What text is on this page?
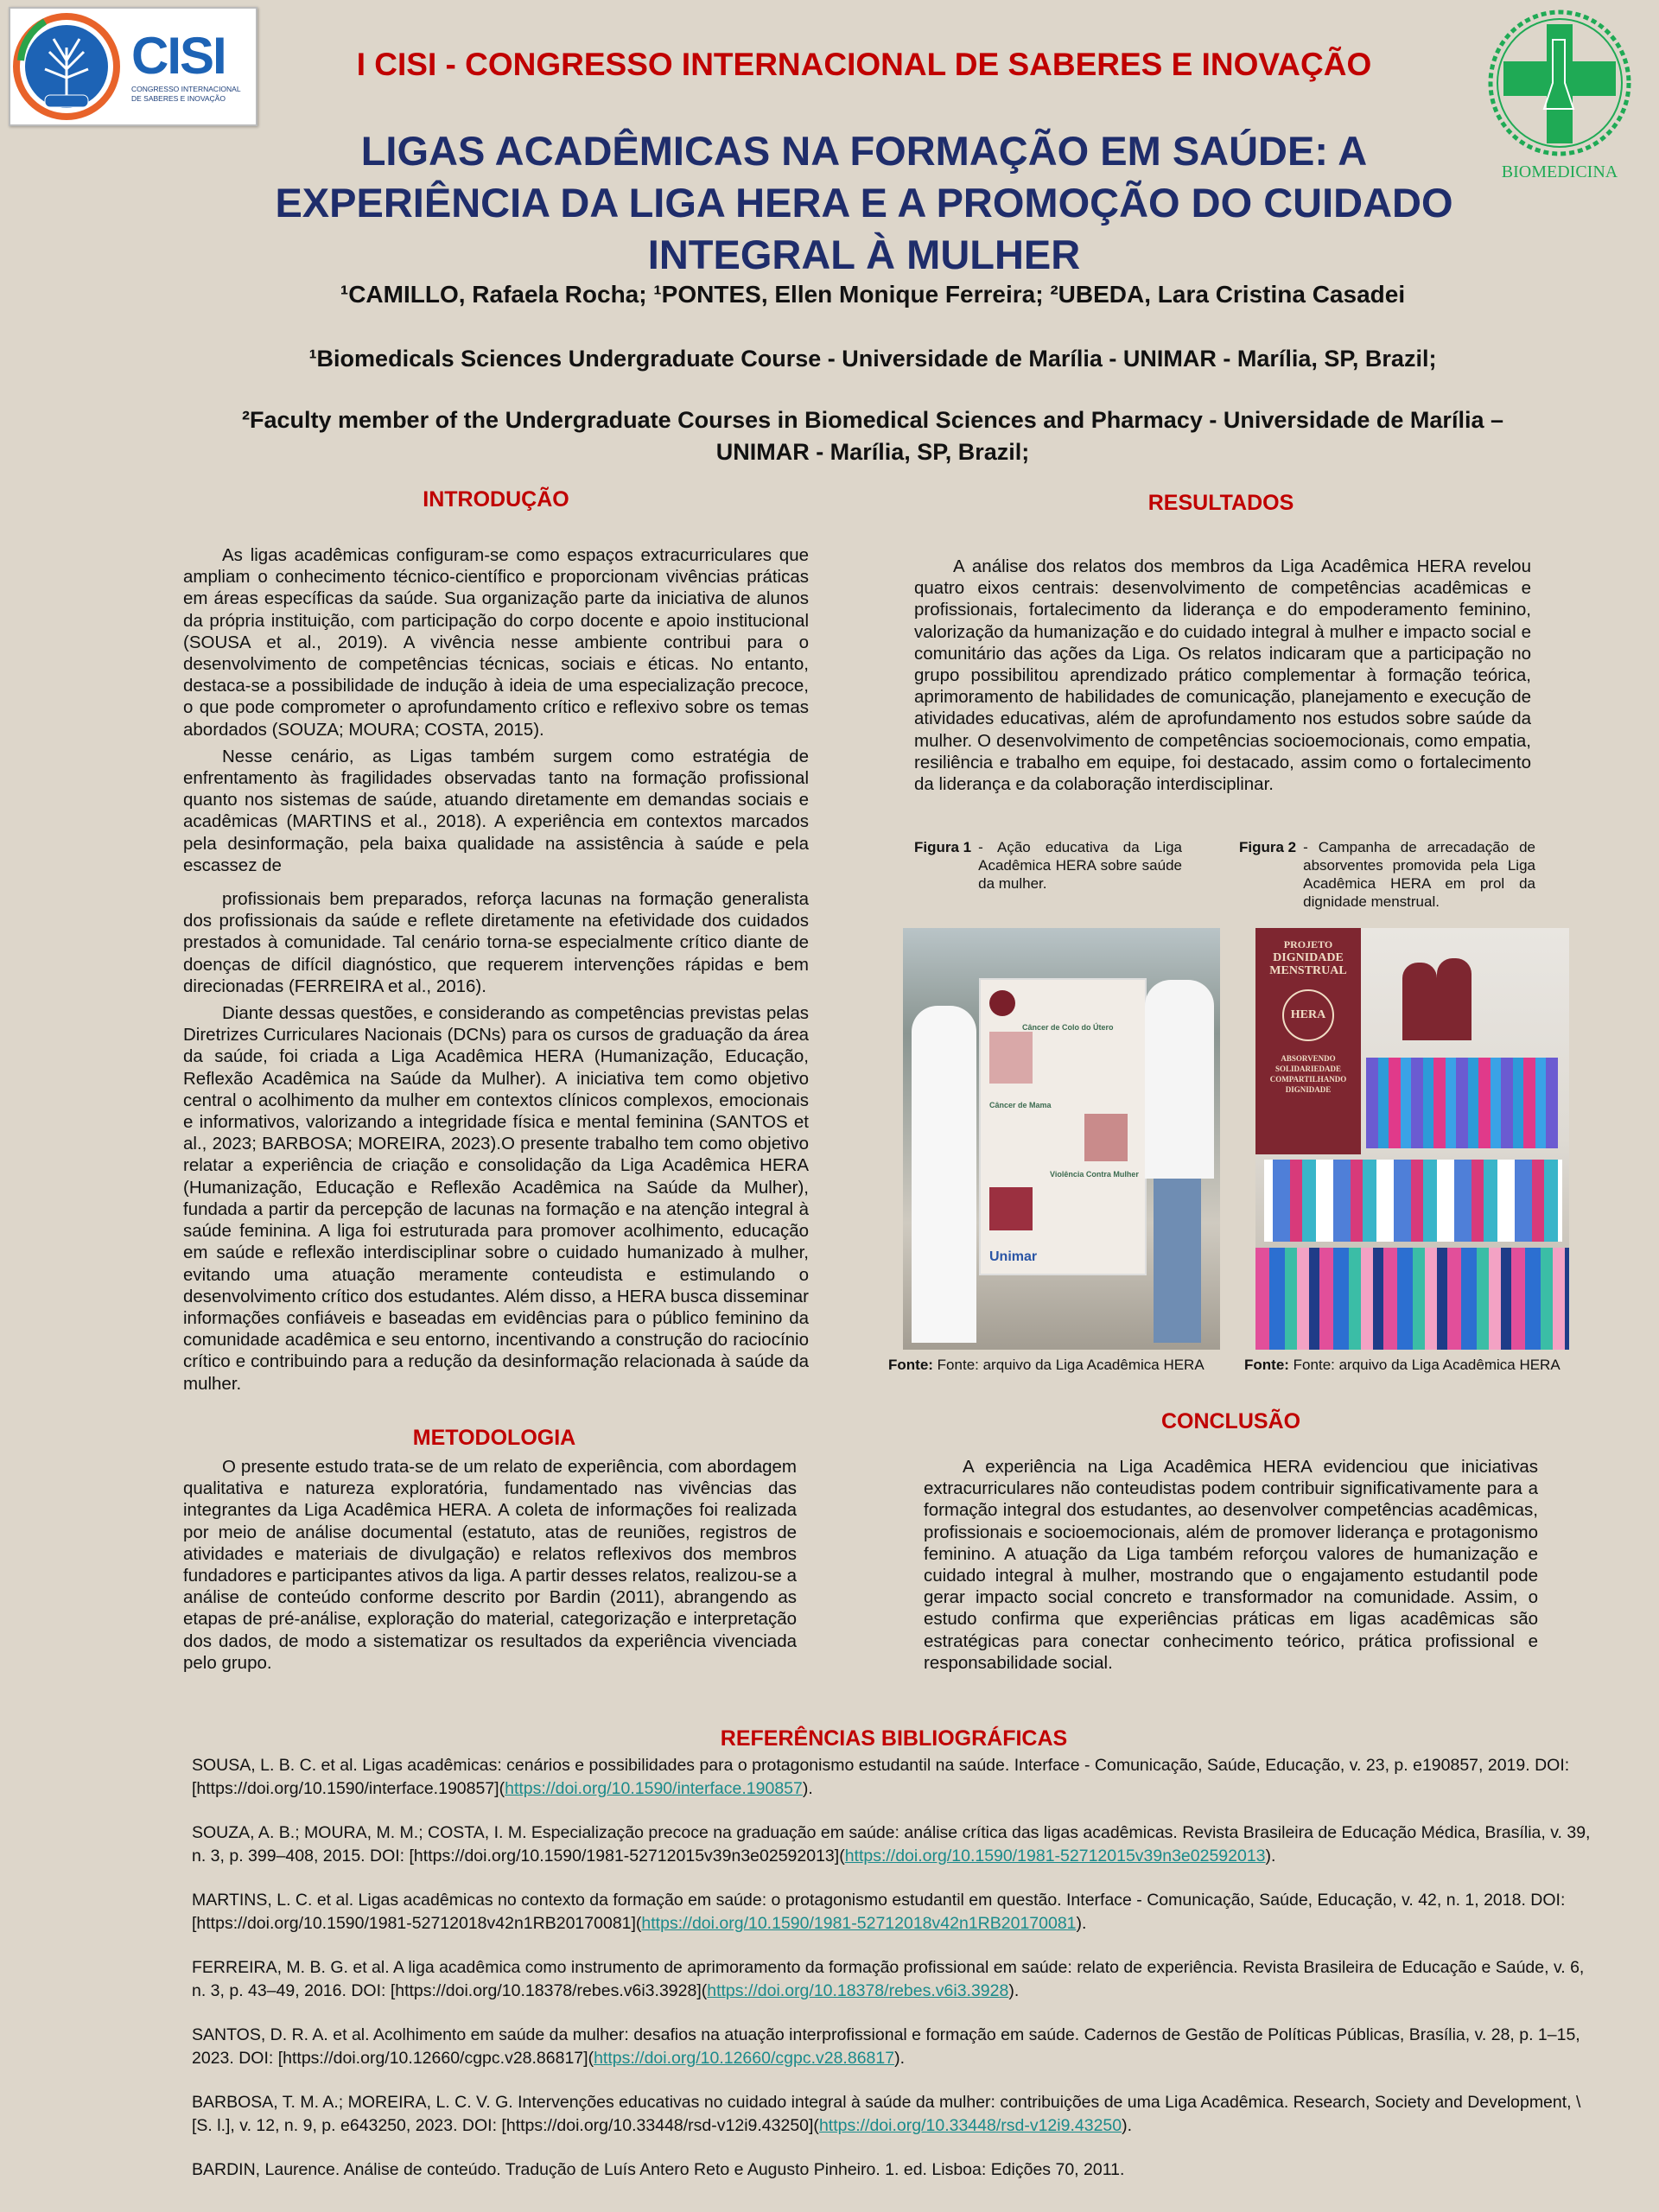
CISI
CONGRESSO INTERNACIONAL DE SABERES E INOVAÇÃO
I CISI - CONGRESSO INTERNACIONAL DE SABERES E INOVAÇÃO
BIOMEDICINA
LIGAS ACADÊMICAS NA FORMAÇÃO EM SAÚDE: A
EXPERIÊNCIA DA LIGA HERA E A PROMOÇÃO DO CUIDADO
INTEGRAL À MULHER
¹CAMILLO, Rafaela Rocha; ¹PONTES, Ellen Monique Ferreira; ²UBEDA, Lara Cristina Casadei
¹Biomedicals Sciences Undergraduate Course - Universidade de Marília - UNIMAR - Marília, SP, Brazil;
²Faculty member of the Undergraduate Courses in Biomedical Sciences and Pharmacy - Universidade de Marília – UNIMAR - Marília, SP, Brazil;
INTRODUÇÃO

As ligas acadêmicas configuram-se como espaços extracurriculares que ampliam o conhecimento técnico-científico e proporcionam vivências práticas em áreas específicas da saúde. Sua organização parte da iniciativa de alunos da própria instituição, com participação do corpo docente e apoio institucional (SOUSA et al., 2019). A vivência nesse ambiente contribui para o desenvolvimento de competências técnicas, sociais e éticas. No entanto, destaca-se a possibilidade de indução à ideia de uma especialização precoce, o que pode comprometer o aprofundamento crítico e reflexivo sobre os temas abordados (SOUZA; MOURA; COSTA, 2015).

Nesse cenário, as Ligas também surgem como estratégia de enfrentamento às fragilidades observadas tanto na formação profissional quanto nos sistemas de saúde, atuando diretamente em demandas sociais e acadêmicas (MARTINS et al., 2018). A experiência em contextos marcados pela desinformação, pela baixa qualidade na assistência à saúde e pela escassez de

profissionais bem preparados, reforça lacunas na formação generalista dos profissionais da saúde e reflete diretamente na efetividade dos cuidados prestados à comunidade. Tal cenário torna-se especialmente crítico diante de doenças de difícil diagnóstico, que requerem intervenções rápidas e bem direcionadas (FERREIRA et al., 2016).

Diante dessas questões, e considerando as competências previstas pelas Diretrizes Curriculares Nacionais (DCNs) para os cursos de graduação da área da saúde, foi criada a Liga Acadêmica HERA (Humanização, Educação, Reflexão Acadêmica na Saúde da Mulher). A iniciativa tem como objetivo central o acolhimento da mulher em contextos clínicos complexos, emocionais e informativos, valorizando a integridade física e mental feminina (SANTOS et al., 2023; BARBOSA; MOREIRA, 2023).O presente trabalho tem como objetivo relatar a experiência de criação e consolidação da Liga Acadêmica HERA (Humanização, Educação e Reflexão Acadêmica na Saúde da Mulher), fundada a partir da percepção de lacunas na formação e na atenção integral à saúde feminina. A liga foi estruturada para promover acolhimento, educação em saúde e reflexão interdisciplinar sobre o cuidado humanizado à mulher, evitando uma atuação meramente conteudista e estimulando o desenvolvimento crítico dos estudantes. Além disso, a HERA busca disseminar informações confiáveis e baseadas em evidências para o público feminino da comunidade acadêmica e seu entorno, incentivando a construção do raciocínio crítico e contribuindo para a redução da desinformação relacionada à saúde da mulher.

METODOLOGIA

O presente estudo trata-se de um relato de experiência, com abordagem qualitativa e natureza exploratória, fundamentado nas vivências das integrantes da Liga Acadêmica HERA. A coleta de informações foi realizada por meio de análise documental (estatuto, atas de reuniões, registros de atividades e materiais de divulgação) e relatos reflexivos dos membros fundadores e participantes ativos da liga. A partir desses relatos, realizou-se a análise de conteúdo conforme descrito por Bardin (2011), abrangendo as etapas de pré-análise, exploração do material, categorização e interpretação dos dados, de modo a sistematizar os resultados da experiência vivenciada pelo grupo.

RESULTADOS

A análise dos relatos dos membros da Liga Acadêmica HERA revelou quatro eixos centrais: desenvolvimento de competências acadêmicas e profissionais, fortalecimento da liderança e do empoderamento feminino, valorização da humanização e do cuidado integral à mulher e impacto social e comunitário das ações da Liga. Os relatos indicaram que a participação no grupo possibilitou aprendizado prático complementar à formação teórica, aprimoramento de habilidades de comunicação, planejamento e execução de atividades educativas, além de aprofundamento nos estudos sobre saúde da mulher. O desenvolvimento de competências socioemocionais, como empatia, resiliência e trabalho em equipe, foi destacado, assim como o fortalecimento da liderança e da colaboração interdisciplinar.

Figura 1 - Ação educativa da Liga Acadêmica HERA sobre saúde da mulher.
Figura 2 - Campanha de arrecadação de absorventes promovida pela Liga Acadêmica HERA em prol da dignidade menstrual.
Câncer de Colo do Útero
Câncer de Mama
Violência Contra Mulher
Unimar
PROJETO
DIGNIDADE MENSTRUAL
HERA
ABSORVENDO SOLIDARIEDADE COMPARTILHANDO DIGNIDADE
Fonte: Fonte: arquivo da Liga Acadêmica HERA	Fonte: Fonte: arquivo da Liga Acadêmica HERA
CONCLUSÃO

A experiência na Liga Acadêmica HERA evidenciou que iniciativas extracurriculares não conteudistas podem contribuir significativamente para a formação integral dos estudantes, ao desenvolver competências acadêmicas, profissionais e socioemocionais, além de promover liderança e protagonismo feminino. A atuação da Liga também reforçou valores de humanização e cuidado integral à mulher, mostrando que o engajamento estudantil pode gerar impacto social concreto e transformador na comunidade. Assim, o estudo confirma que experiências práticas em ligas acadêmicas são estratégicas para conectar conhecimento teórico, prática profissional e responsabilidade social.

REFERÊNCIAS BIBLIOGRÁFICAS
SOUSA, L. B. C. et al. Ligas acadêmicas: cenários e possibilidades para o protagonismo estudantil na saúde. Interface - Comunicação, Saúde, Educação, v. 23, p. e190857, 2019. DOI: [https://doi.org/10.1590/interface.190857](https://doi.org/10.1590/interface.190857).
SOUZA, A. B.; MOURA, M. M.; COSTA, I. M. Especialização precoce na graduação em saúde: análise crítica das ligas acadêmicas. Revista Brasileira de Educação Médica, Brasília, v. 39, n. 3, p. 399–408, 2015. DOI: [https://doi.org/10.1590/1981-52712015v39n3e02592013](https://doi.org/10.1590/1981-52712015v39n3e02592013).
MARTINS, L. C. et al. Ligas acadêmicas no contexto da formação em saúde: o protagonismo estudantil em questão. Interface - Comunicação, Saúde, Educação, v. 42, n. 1, 2018. DOI: [https://doi.org/10.1590/1981-52712018v42n1RB20170081](https://doi.org/10.1590/1981-52712018v42n1RB20170081).
FERREIRA, M. B. G. et al. A liga acadêmica como instrumento de aprimoramento da formação profissional em saúde: relato de experiência. Revista Brasileira de Educação e Saúde, v. 6, n. 3, p. 43–49, 2016. DOI: [https://doi.org/10.18378/rebes.v6i3.3928](https://doi.org/10.18378/rebes.v6i3.3928).
SANTOS, D. R. A. et al. Acolhimento em saúde da mulher: desafios na atuação interprofissional e formação em saúde. Cadernos de Gestão de Políticas Públicas, Brasília, v. 28, p. 1–15, 2023. DOI: [https://doi.org/10.12660/cgpc.v28.86817](https://doi.org/10.12660/cgpc.v28.86817).
BARBOSA, T. M. A.; MOREIRA, L. C. V. G. Intervenções educativas no cuidado integral à saúde da mulher: contribuições de uma Liga Acadêmica. Research, Society and Development, \[S. l.], v. 12, n. 9, p. e643250, 2023. DOI: [https://doi.org/10.33448/rsd-v12i9.43250](https://doi.org/10.33448/rsd-v12i9.43250).
BARDIN, Laurence. Análise de conteúdo. Tradução de Luís Antero Reto e Augusto Pinheiro. 1. ed. Lisboa: Edições 70, 2011.
